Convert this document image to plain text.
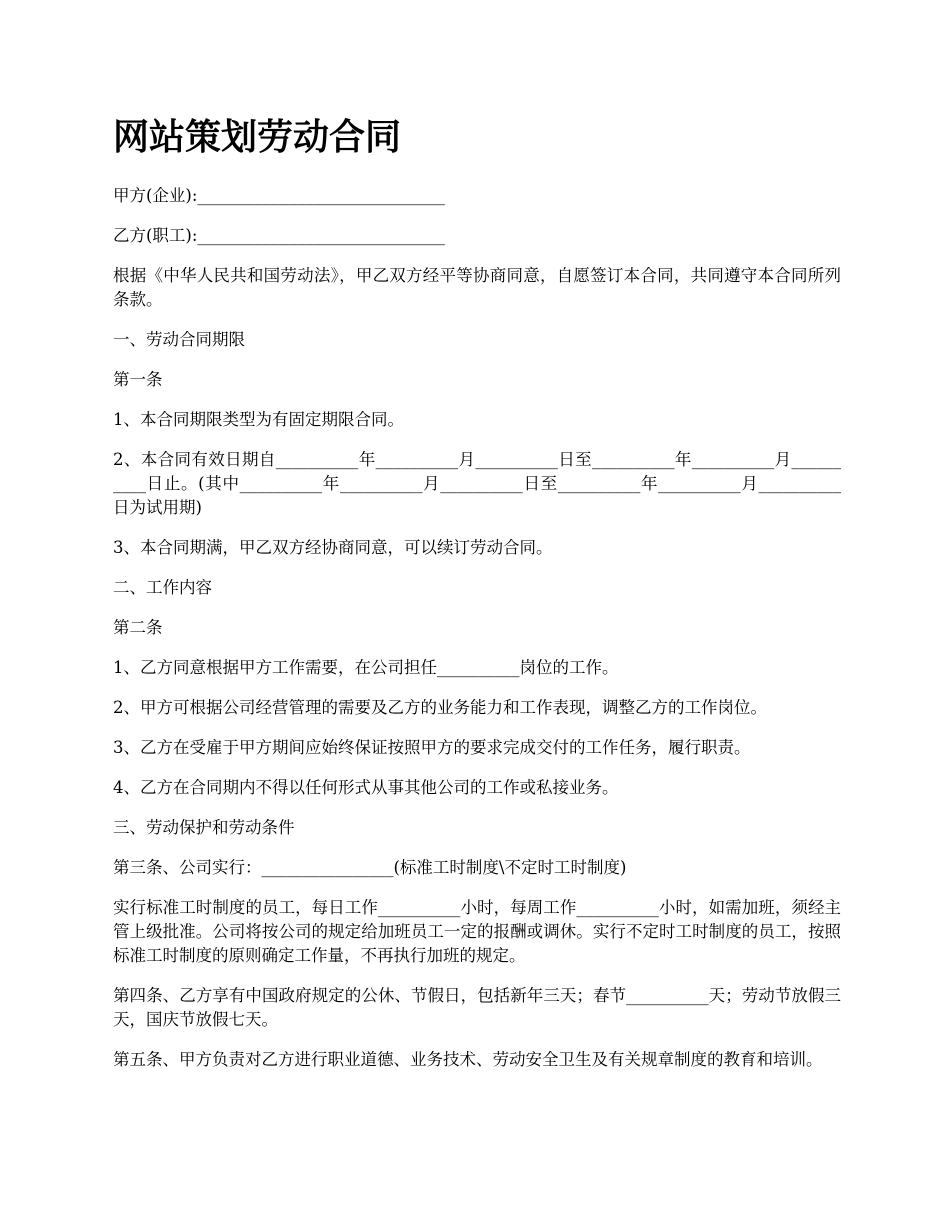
网站策划劳动合同

甲方(企业):______________________________

乙方(职工):______________________________

根据《中华人民共和国劳动法》，甲乙双方经平等协商同意，自愿签订本合同，共同遵守本合同所列条款。

一、劳动合同期限

第一条

1、本合同期限类型为有固定期限合同。

2、本合同有效日期自__________年__________月__________日至__________年__________月__________日止。(其中__________年__________月__________日至__________年__________月__________日为试用期)

3、本合同期满，甲乙双方经协商同意，可以续订劳动合同。

二、工作内容

第二条

1、乙方同意根据甲方工作需要，在公司担任__________岗位的工作。

2、甲方可根据公司经营管理的需要及乙方的业务能力和工作表现，调整乙方的工作岗位。

3、乙方在受雇于甲方期间应始终保证按照甲方的要求完成交付的工作任务，履行职责。

4、乙方在合同期内不得以任何形式从事其他公司的工作或私接业务。

三、劳动保护和劳动条件

第三条、公司实行：________________(标准工时制度\不定时工时制度)

实行标准工时制度的员工，每日工作__________小时，每周工作__________小时，如需加班，须经主管上级批准。公司将按公司的规定给加班员工一定的报酬或调休。实行不定时工时制度的员工，按照标准工时制度的原则确定工作量，不再执行加班的规定。

第四条、乙方享有中国政府规定的公休、节假日，包括新年三天；春节__________天；劳动节放假三天，国庆节放假七天。

第五条、甲方负责对乙方进行职业道德、业务技术、劳动安全卫生及有关规章制度的教育和培训。
